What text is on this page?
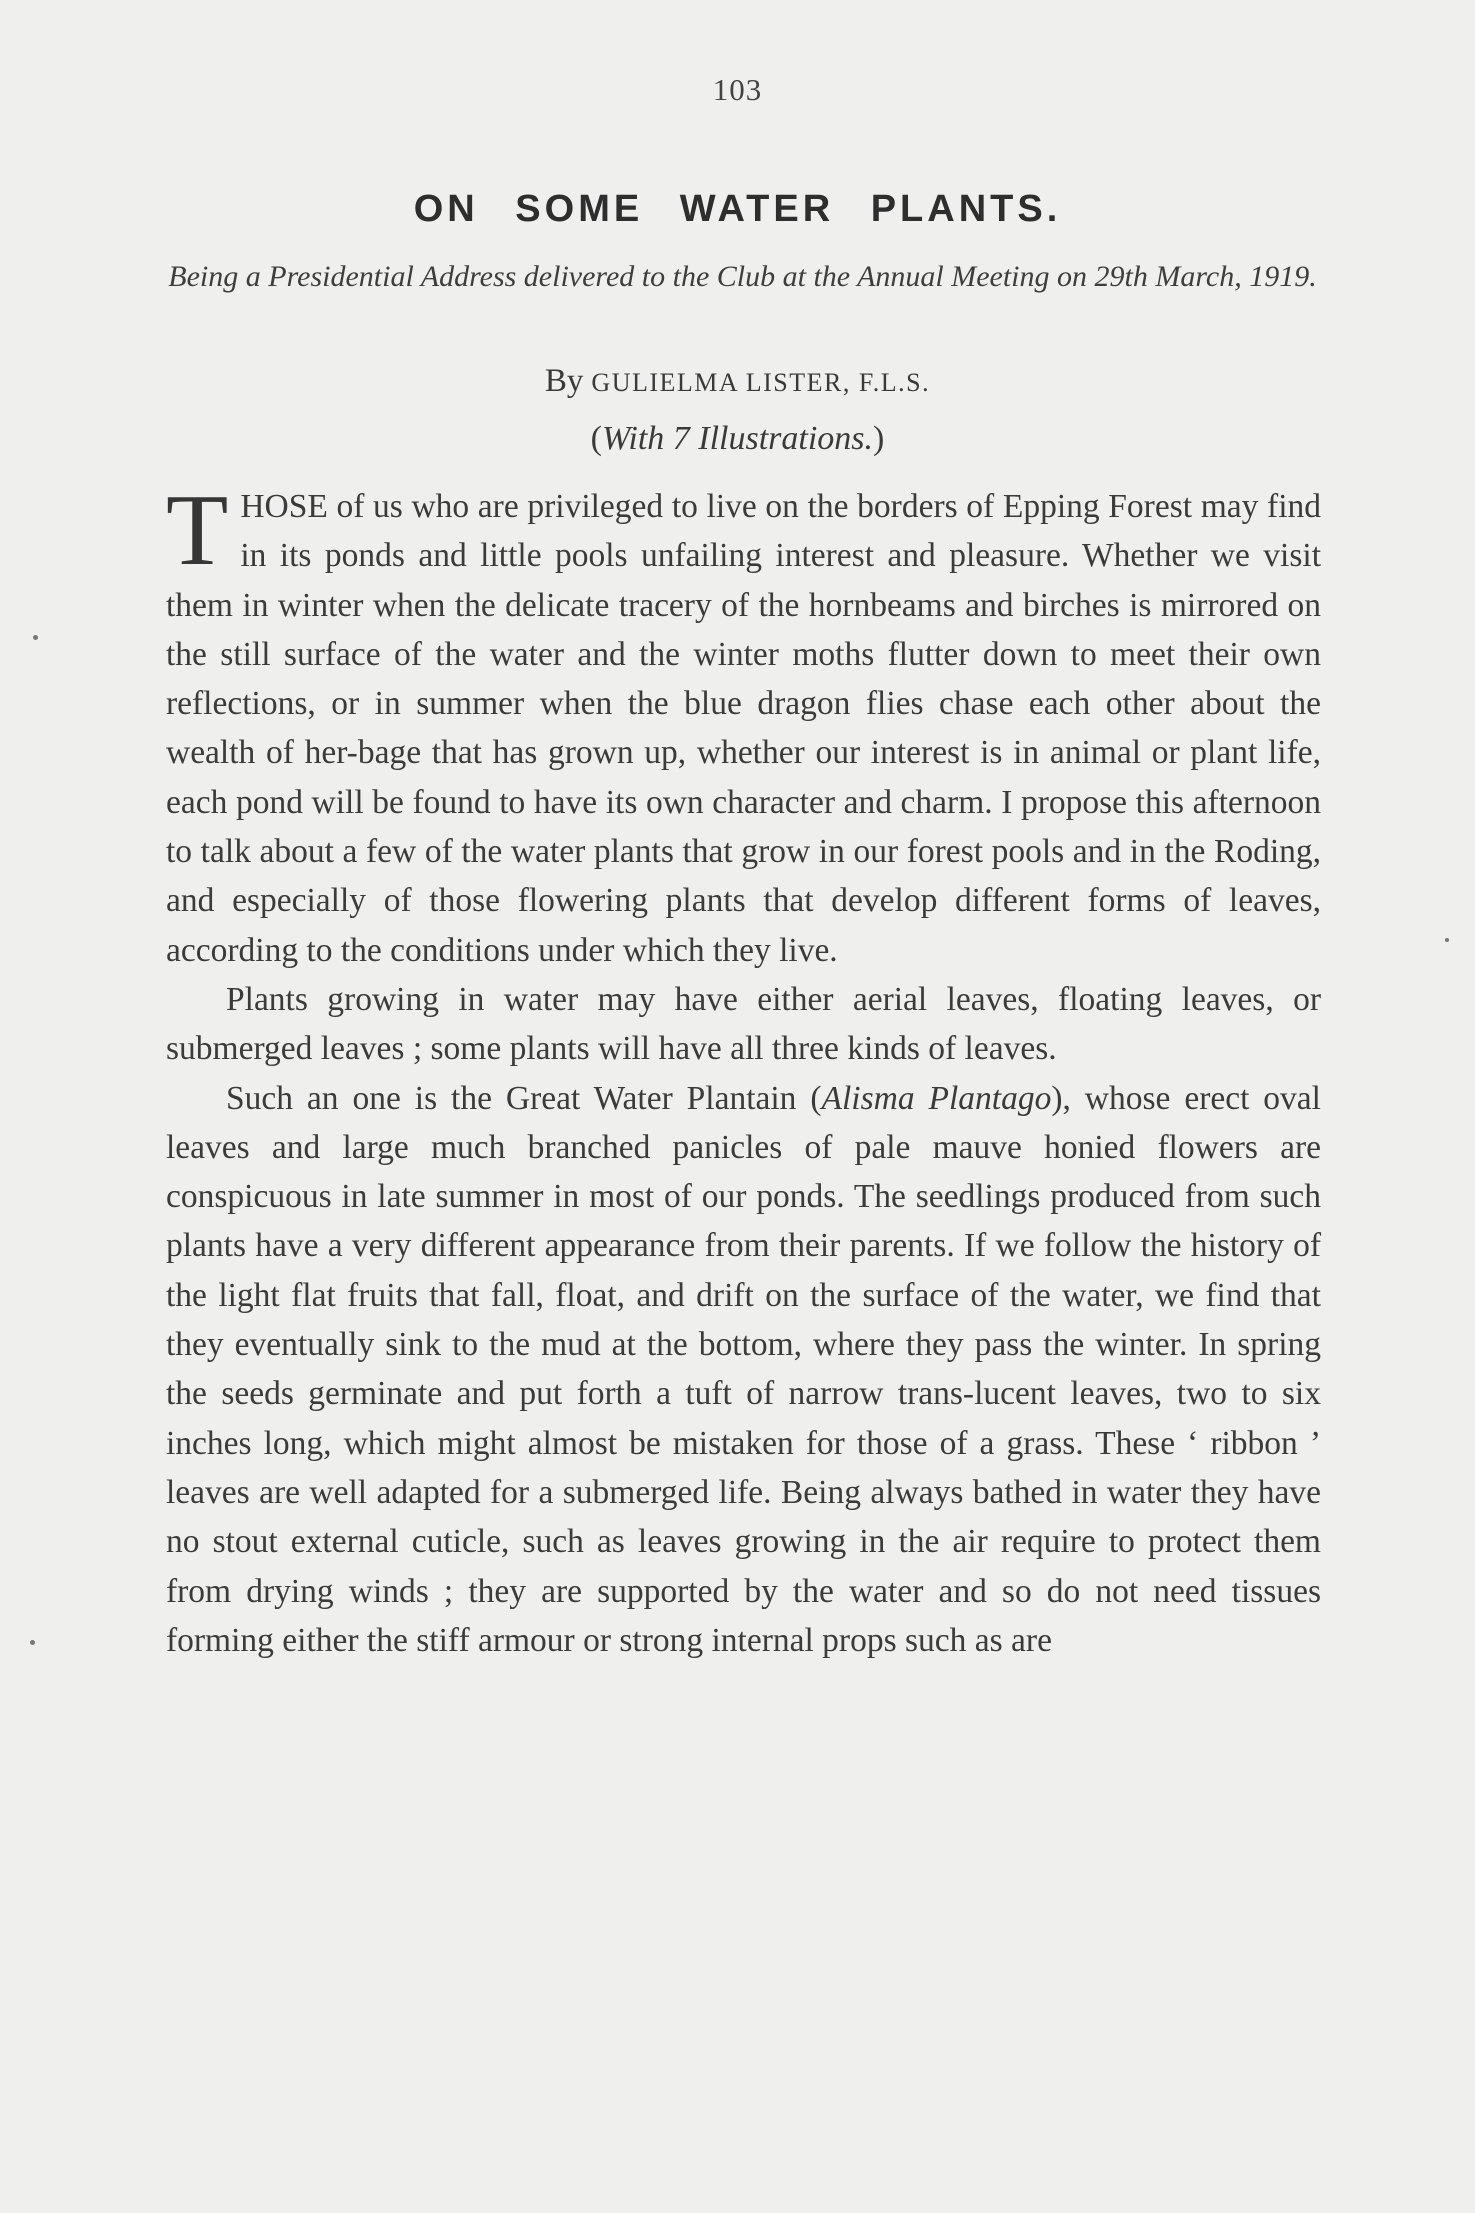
103
ON SOME WATER PLANTS.
Being a Presidential Address delivered to the Club at the Annual Meeting on 29th March, 1919.
By GULIELMA LISTER, F.L.S.
(With 7 Illustrations.)

THOSE of us who are privileged to live on the borders of Epping Forest may find in its ponds and little pools unfailing interest and pleasure. Whether we visit them in winter when the delicate tracery of the hornbeams and birches is mirrored on the still surface of the water and the winter moths flutter down to meet their own reflections, or in summer when the blue dragon flies chase each other about the wealth of her-bage that has grown up, whether our interest is in animal or plant life, each pond will be found to have its own character and charm. I propose this afternoon to talk about a few of the water plants that grow in our forest pools and in the Roding, and especially of those flowering plants that develop different forms of leaves, according to the conditions under which they live.

Plants growing in water may have either aerial leaves, floating leaves, or submerged leaves ; some plants will have all three kinds of leaves.

Such an one is the Great Water Plantain (Alisma Plantago), whose erect oval leaves and large much branched panicles of pale mauve honied flowers are conspicuous in late summer in most of our ponds. The seedlings produced from such plants have a very different appearance from their parents. If we follow the history of the light flat fruits that fall, float, and drift on the surface of the water, we find that they eventually sink to the mud at the bottom, where they pass the winter. In spring the seeds germinate and put forth a tuft of narrow trans-lucent leaves, two to six inches long, which might almost be mistaken for those of a grass. These ‘ ribbon ’ leaves are well adapted for a submerged life. Being always bathed in water they have no stout external cuticle, such as leaves growing in the air require to protect them from drying winds ; they are supported by the water and so do not need tissues forming either the stiff armour or strong internal props such as are
